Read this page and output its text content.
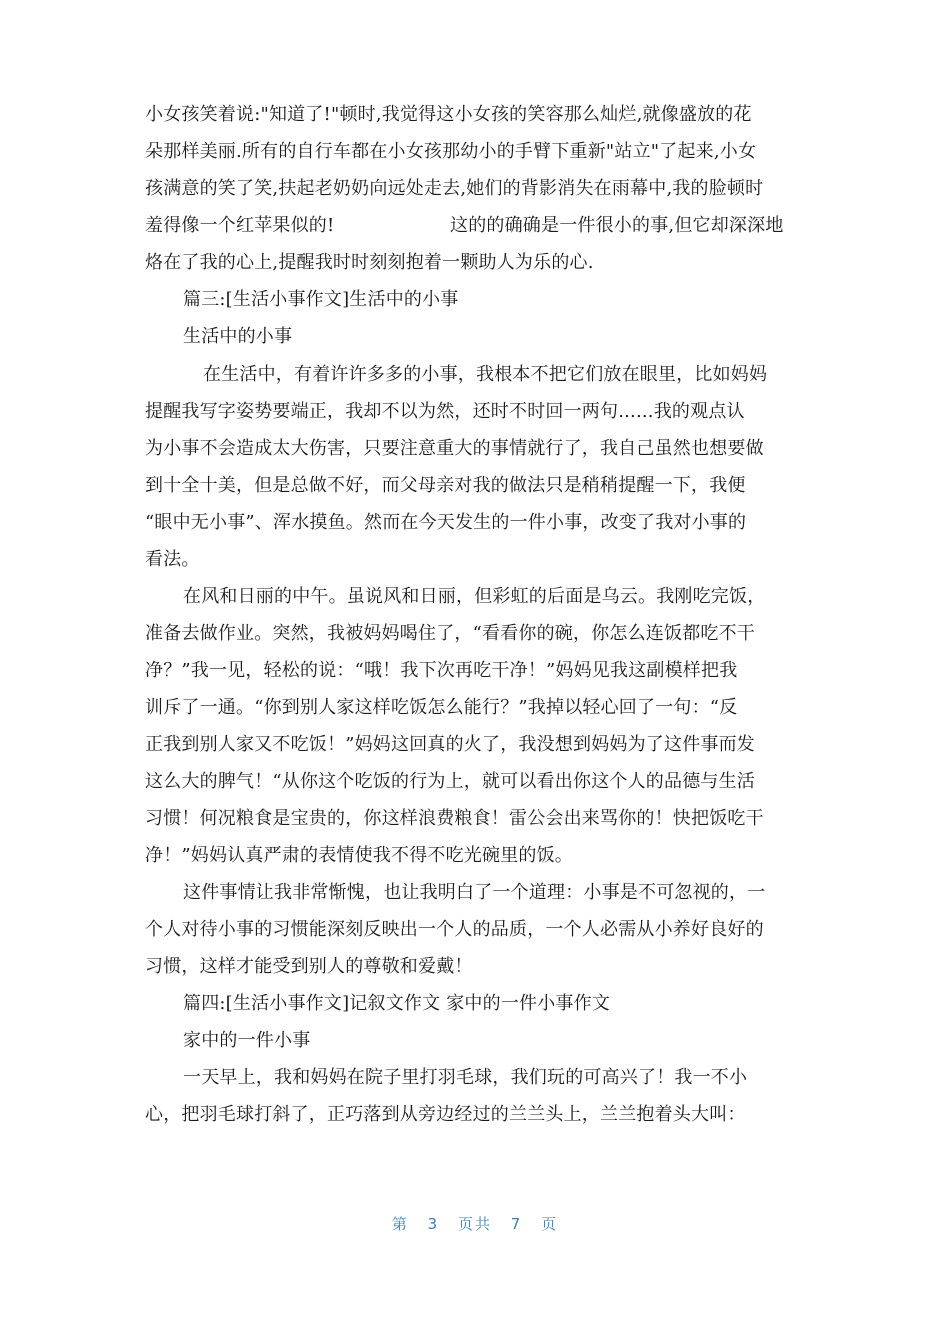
小女孩笑着说:"知道了!"顿时,我觉得这小女孩的笑容那么灿烂,就像盛放的花
朵那样美丽.所有的自行车都在小女孩那幼小的手臂下重新"站立"了起来,小女
孩满意的笑了笑,扶起老奶奶向远处走去,她们的背影消失在雨幕中,我的脸顿时
羞得像一个红苹果似的!	这的的确确是一件很小的事,但它却深深地
烙在了我的心上,提醒我时时刻刻抱着一颗助人为乐的心.
篇三:[生活小事作文]生活中的小事
生活中的小事
在生活中，有着许许多多的小事，我根本不把它们放在眼里，比如妈妈
提醒我写字姿势要端正，我却不以为然，还时不时回一两句......我的观点认
为小事不会造成太大伤害，只要注意重大的事情就行了，我自己虽然也想要做
到十全十美，但是总做不好，而父母亲对我的做法只是稍稍提醒一下，我便
“眼中无小事”、浑水摸鱼。然而在今天发生的一件小事，改变了我对小事的
看法。
在风和日丽的中午。虽说风和日丽，但彩虹的后面是乌云。我刚吃完饭，
准备去做作业。突然，我被妈妈喝住了，“看看你的碗，你怎么连饭都吃不干
净？”我一见，轻松的说：“哦！我下次再吃干净！”妈妈见我这副模样把我
训斥了一通。“你到别人家这样吃饭怎么能行？”我掉以轻心回了一句：“反
正我到别人家又不吃饭！”妈妈这回真的火了，我没想到妈妈为了这件事而发
这么大的脾气！“从你这个吃饭的行为上，就可以看出你这个人的品德与生活
习惯！何况粮食是宝贵的，你这样浪费粮食！雷公会出来骂你的！快把饭吃干
净！”妈妈认真严肃的表情使我不得不吃光碗里的饭。
这件事情让我非常惭愧，也让我明白了一个道理：小事是不可忽视的，一
个人对待小事的习惯能深刻反映出一个人的品质，一个人必需从小养好良好的
习惯，这样才能受到别人的尊敬和爱戴！
篇四:[生活小事作文]记叙文作文 家中的一件小事作文
家中的一件小事
一天早上，我和妈妈在院子里打羽毛球，我们玩的可高兴了！我一不小
心，把羽毛球打斜了，正巧落到从旁边经过的兰兰头上，兰兰抱着头大叫：
第 3 页共 7 页
